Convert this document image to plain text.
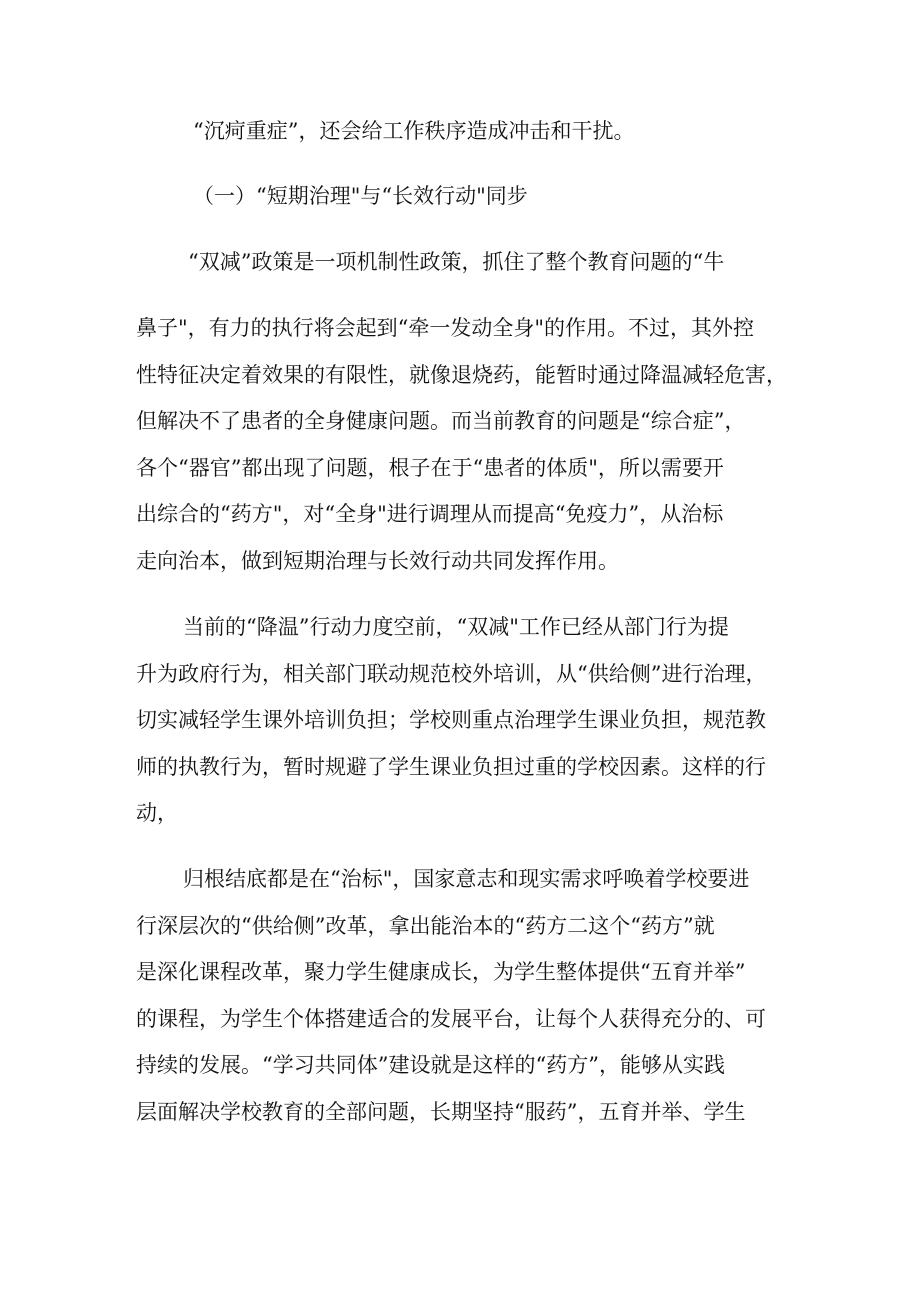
“沉疴重症”，还会给工作秩序造成冲击和干扰。
（一）“短期治理"与“长效行动"同步
“双减”政策是一项机制性政策，抓住了整个教育问题的“牛
鼻子"，有力的执行将会起到“牵一发动全身"的作用。不过，其外控
性特征决定着效果的有限性，就像退烧药，能暂时通过降温减轻危害，
但解决不了患者的全身健康问题。而当前教育的问题是“综合症”，
各个“器官”都出现了问题，根子在于“患者的体质"，所以需要开
出综合的“药方"，对“全身"进行调理从而提高“免疫力”，从治标
走向治本，做到短期治理与长效行动共同发挥作用。
当前的“降温”行动力度空前，“双减"工作已经从部门行为提
升为政府行为，相关部门联动规范校外培训，从“供给侧”进行治理，
切实减轻学生课外培训负担；学校则重点治理学生课业负担，规范教
师的执教行为，暂时规避了学生课业负担过重的学校因素。这样的行
动，
归根结底都是在“治标"，国家意志和现实需求呼唤着学校要进
行深层次的“供给侧”改革，拿出能治本的“药方二这个“药方”就
是深化课程改革，聚力学生健康成长，为学生整体提供“五育并举”
的课程，为学生个体搭建适合的发展平台，让每个人获得充分的、可
持续的发展。“学习共同体”建设就是这样的“药方”，能够从实践
层面解决学校教育的全部问题，长期坚持“服药”，五育并举、学生
